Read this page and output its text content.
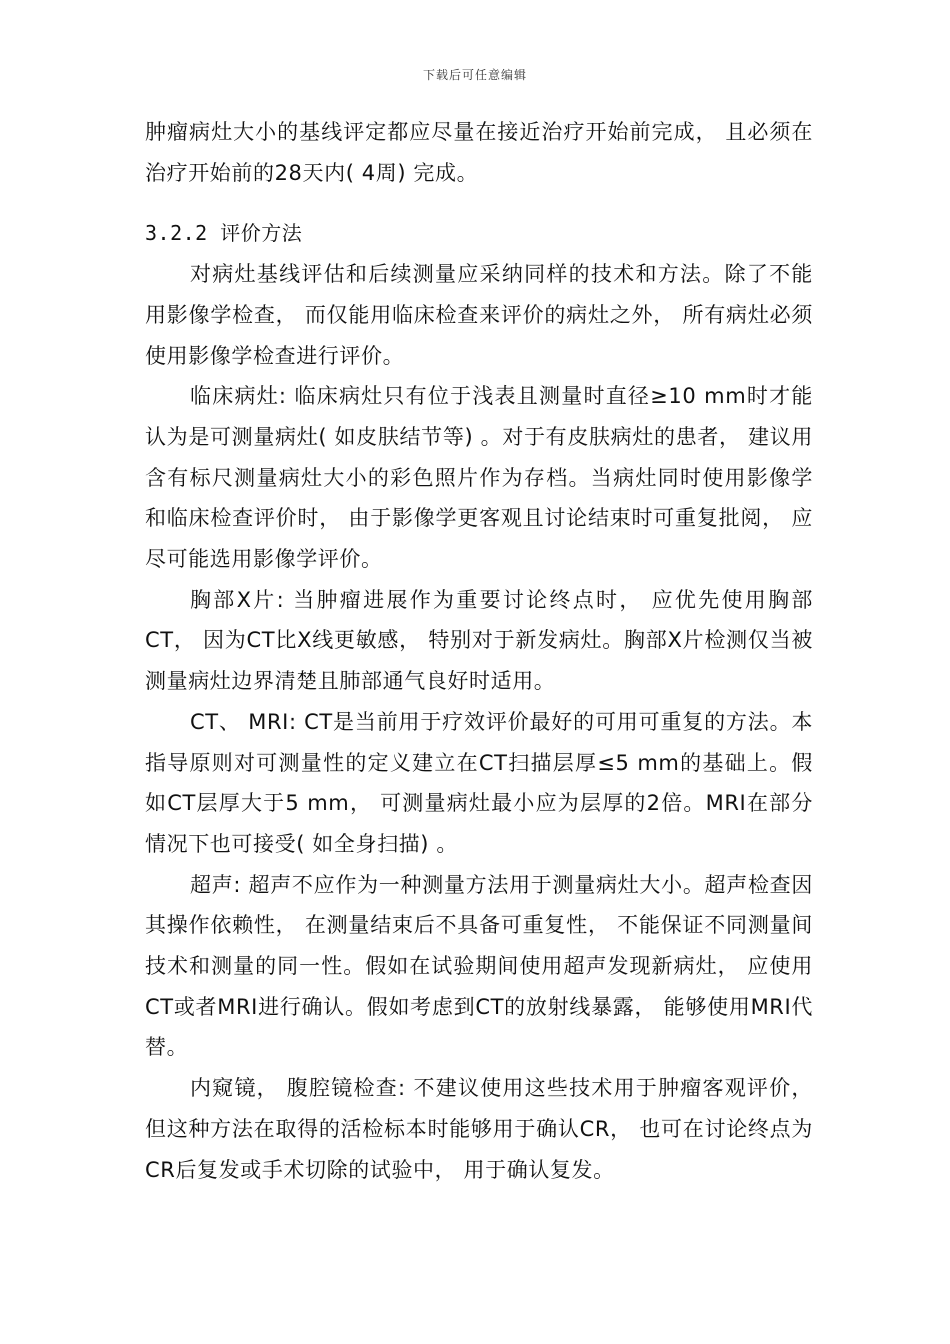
下载后可任意编辑

肿瘤病灶大小的基线评定都应尽量在接近治疗开始前完成， 且必须在治疗开始前的28天内( 4周) 完成。

3.2.2 评价方法

对病灶基线评估和后续测量应采纳同样的技术和方法。除了不能用影像学检查， 而仅能用临床检查来评价的病灶之外， 所有病灶必须使用影像学检查进行评价。

临床病灶: 临床病灶只有位于浅表且测量时直径≥10 mm时才能认为是可测量病灶( 如皮肤结节等) 。对于有皮肤病灶的患者， 建议用含有标尺测量病灶大小的彩色照片作为存档。当病灶同时使用影像学和临床检查评价时， 由于影像学更客观且讨论结束时可重复批阅， 应尽可能选用影像学评价。

胸部X片: 当肿瘤进展作为重要讨论终点时， 应优先使用胸部CT， 因为CT比X线更敏感， 特别对于新发病灶。胸部X片检测仅当被测量病灶边界清楚且肺部通气良好时适用。

CT、 MRI: CT是当前用于疗效评价最好的可用可重复的方法。本指导原则对可测量性的定义建立在CT扫描层厚≤5 mm的基础上。假如CT层厚大于5 mm， 可测量病灶最小应为层厚的2倍。MRI在部分情况下也可接受( 如全身扫描) 。

超声: 超声不应作为一种测量方法用于测量病灶大小。超声检查因其操作依赖性， 在测量结束后不具备可重复性， 不能保证不同测量间技术和测量的同一性。假如在试验期间使用超声发现新病灶， 应使用CT或者MRI进行确认。假如考虑到CT的放射线暴露， 能够使用MRI代替。

内窥镜， 腹腔镜检查: 不建议使用这些技术用于肿瘤客观评价， 但这种方法在取得的活检标本时能够用于确认CR， 也可在讨论终点为CR后复发或手术切除的试验中， 用于确认复发。
